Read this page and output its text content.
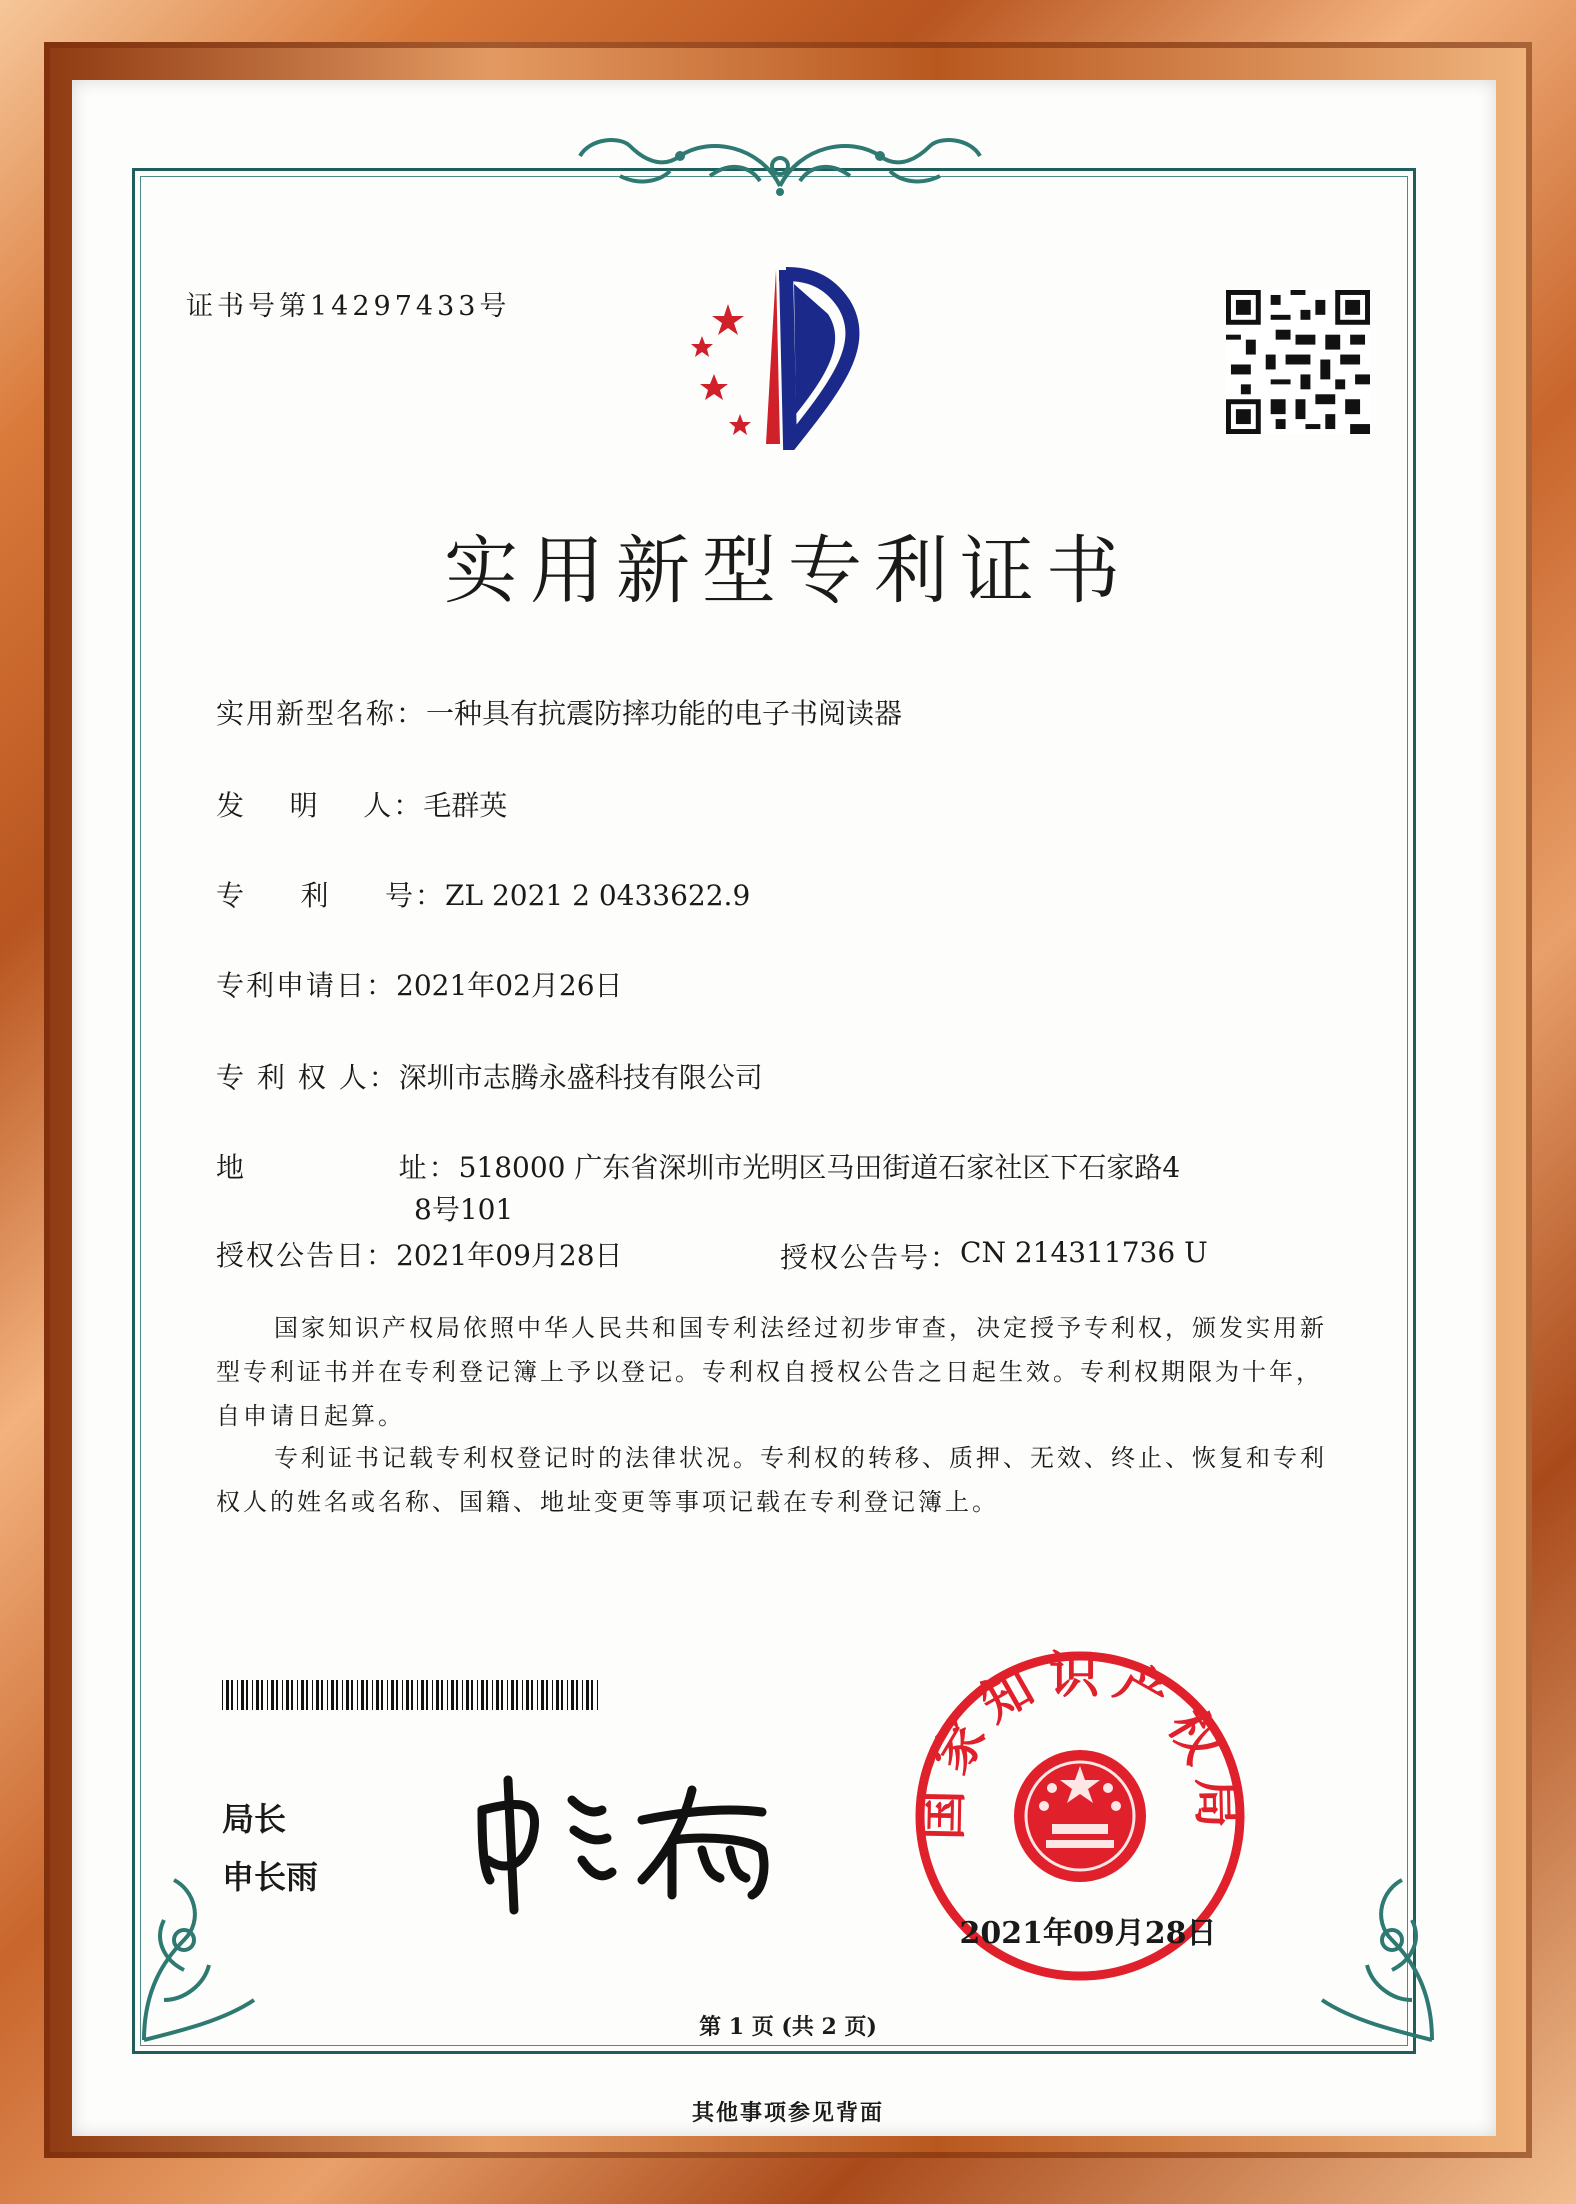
证书号第14297433号
实用新型专利证书
实用新型名称： 一种具有抗震防摔功能的电子书阅读器
发    明    人： 毛群英
专     利     号： ZL 2021 2 0433622.9
专利申请日： 2021年02月26日
专 利 权 人： 深圳市志腾永盛科技有限公司
地              址： 518000 广东省深圳市光明区马田街道石家社区下石家路4
8号101
授权公告日： 2021年09月28日	授权公告号： CN 214311736 U
国家知识产权局依照中华人民共和国专利法经过初步审查，决定授予专利权，颁发实用新型专利证书并在专利登记簿上予以登记。专利权自授权公告之日起生效。专利权期限为十年，自申请日起算。
专利证书记载专利权登记时的法律状况。专利权的转移、质押、无效、终止、恢复和专利权人的姓名或名称、国籍、地址变更等事项记载在专利登记簿上。
局长
申长雨
国家知识产权局
2021年09月28日
第 1 页 (共 2 页)
其他事项参见背面
